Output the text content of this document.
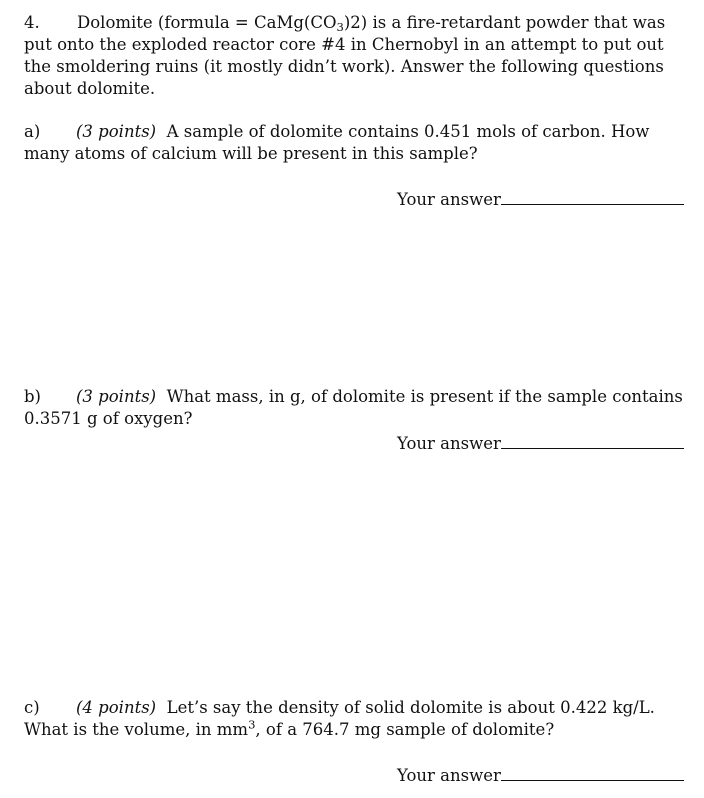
4. Dolomite (formula = $CaMg(CO_3)2$) is a fire-retardant powder that was put onto the exploded reactor core #4 in Chernobyl in an attempt to put out the smoldering ruins (it mostly didn’t work). Answer the following questions about dolomite.
a) (3 points) A sample of dolomite contains 0.451 mols of carbon. How many atoms of calcium will be present in this sample?
Your answer
b) (3 points) What mass, in g, of dolomite is present if the sample contains 0.3571 g of oxygen?
Your answer
c) (4 points) Let’s say the density of solid dolomite is about 0.422 kg/L.
What is the volume, in $mm^3$, of a 764.7 mg sample of dolomite?
Your answer
